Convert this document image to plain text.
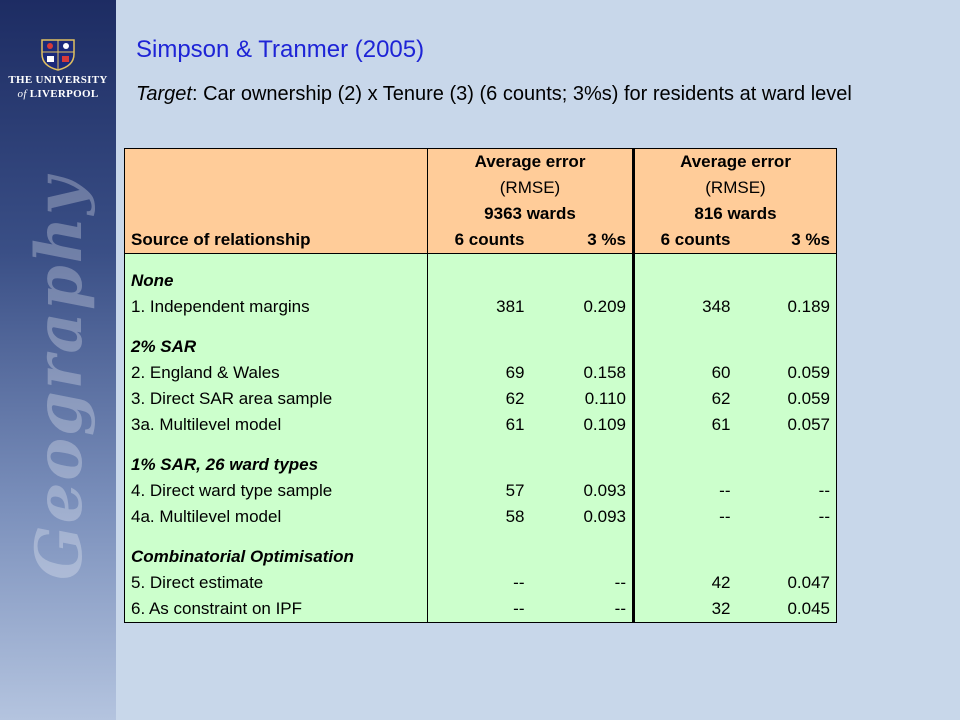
THE UNIVERSITY
of LIVERPOOL
Geography
Simpson & Tranmer (2005)
Target: Car ownership (2) x Tenure (3) (6 counts; 3%s) for residents at ward level
	Average error		Average error	
	(RMSE)		(RMSE)	
	9363 wards		816 wards	
Source of relationship	6 counts	3 %s	6 counts	3 %s

None				
1. Independent margins	381	0.209	348	0.189

2% SAR				
2. England & Wales	69	0.158	60	0.059
3. Direct SAR area sample	62	0.110	62	0.059
3a. Multilevel model	61	0.109	61	0.057

1% SAR, 26 ward types				
4. Direct ward type sample	57	0.093	--	--
4a. Multilevel model	58	0.093	--	--

Combinatorial Optimisation				
5. Direct estimate	--	--	42	0.047
6. As constraint on IPF	--	--	32	0.045
